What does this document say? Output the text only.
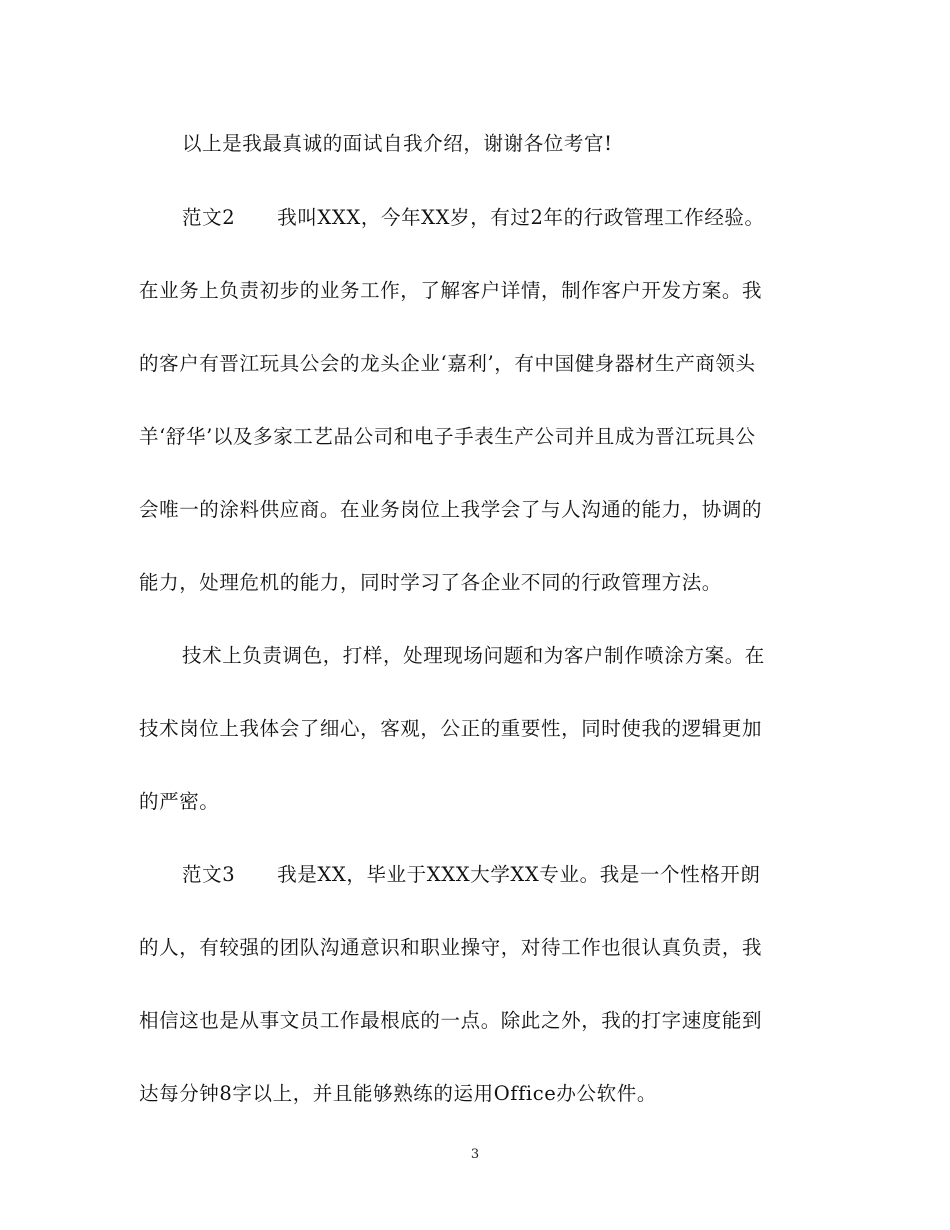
以上是我最真诚的面试自我介绍，谢谢各位考官!
范文2 我叫XXX，今年XX岁，有过2年的行政管理工作经验。
在业务上负责初步的业务工作，了解客户详情，制作客户开发方案。我
的客户有晋江玩具公会的龙头企业‘嘉利’，有中国健身器材生产商领头
羊‘舒华’以及多家工艺品公司和电子手表生产公司并且成为晋江玩具公
会唯一的涂料供应商。在业务岗位上我学会了与人沟通的能力，协调的
能力，处理危机的能力，同时学习了各企业不同的行政管理方法。
技术上负责调色，打样，处理现场问题和为客户制作喷涂方案。在
技术岗位上我体会了细心，客观，公正的重要性，同时使我的逻辑更加
的严密。
范文3 我是XX，毕业于XXX大学XX专业。我是一个性格开朗
的人，有较强的团队沟通意识和职业操守，对待工作也很认真负责，我
相信这也是从事文员工作最根底的一点。除此之外，我的打字速度能到
达每分钟8字以上，并且能够熟练的运用Office办公软件。
3
